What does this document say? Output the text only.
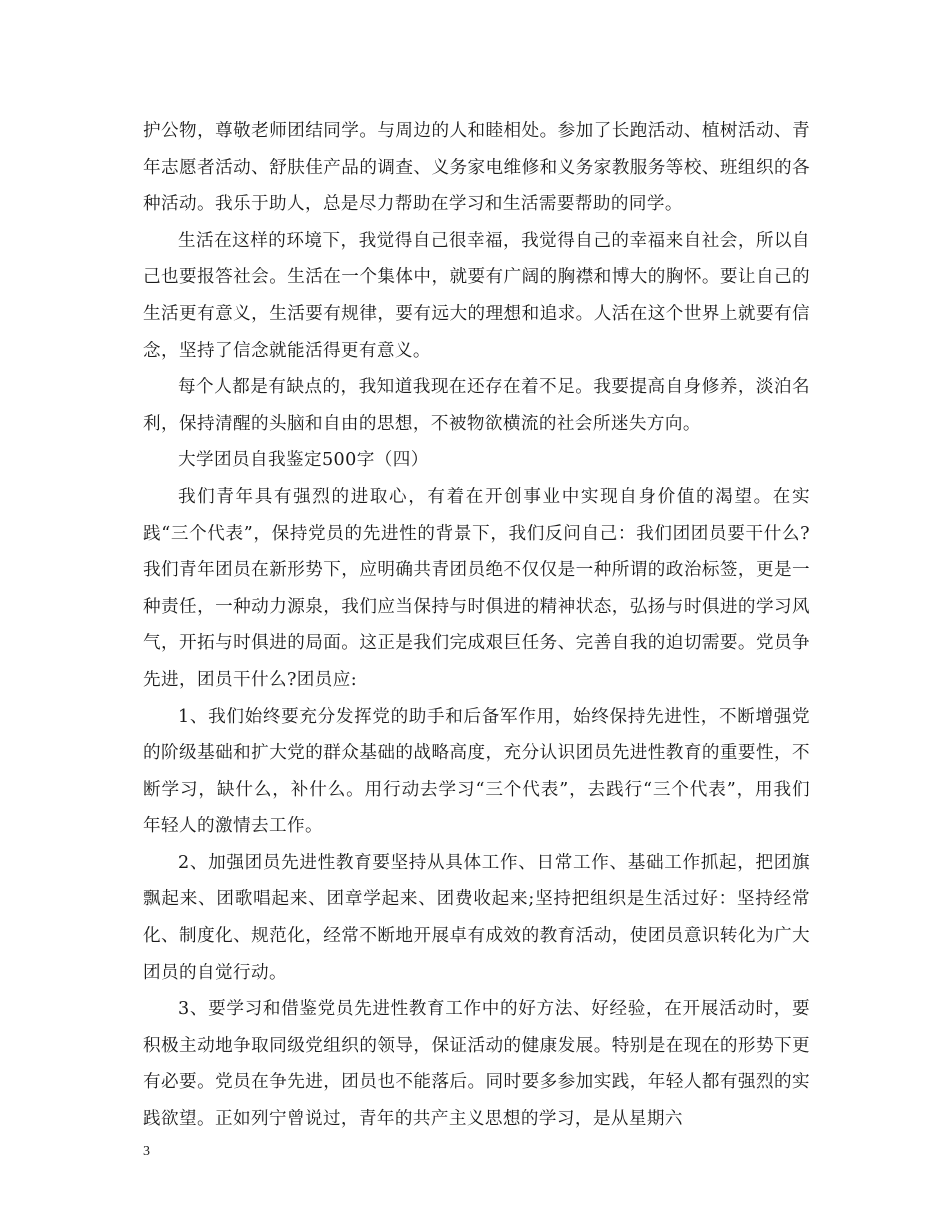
护公物，尊敬老师团结同学。与周边的人和睦相处。参加了长跑活动、植树活动、青年志愿者活动、舒肤佳产品的调查、义务家电维修和义务家教服务等校、班组织的各种活动。我乐于助人，总是尽力帮助在学习和生活需要帮助的同学。

生活在这样的环境下，我觉得自己很幸福，我觉得自己的幸福来自社会，所以自己也要报答社会。生活在一个集体中，就要有广阔的胸襟和博大的胸怀。要让自己的生活更有意义，生活要有规律，要有远大的理想和追求。人活在这个世界上就要有信念，坚持了信念就能活得更有意义。

每个人都是有缺点的，我知道我现在还存在着不足。我要提高自身修养，淡泊名利，保持清醒的头脑和自由的思想，不被物欲横流的社会所迷失方向。

大学团员自我鉴定500字（四）

我们青年具有强烈的进取心，有着在开创事业中实现自身价值的渴望。在实践“三个代表”，保持党员的先进性的背景下，我们反问自己：我们团团员要干什么?我们青年团员在新形势下，应明确共青团员绝不仅仅是一种所谓的政治标签，更是一种责任，一种动力源泉，我们应当保持与时俱进的精神状态，弘扬与时俱进的学习风气，开拓与时俱进的局面。这正是我们完成艰巨任务、完善自我的迫切需要。党员争先进，团员干什么?团员应:

1、我们始终要充分发挥党的助手和后备军作用，始终保持先进性，不断增强党的阶级基础和扩大党的群众基础的战略高度，充分认识团员先进性教育的重要性，不断学习，缺什么，补什么。用行动去学习“三个代表”，去践行“三个代表”，用我们年轻人的激情去工作。

2、加强团员先进性教育要坚持从具体工作、日常工作、基础工作抓起，把团旗飘起来、团歌唱起来、团章学起来、团费收起来;坚持把组织是生活过好：坚持经常化、制度化、规范化，经常不断地开展卓有成效的教育活动，使团员意识转化为广大团员的自觉行动。

3、要学习和借鉴党员先进性教育工作中的好方法、好经验，在开展活动时，要积极主动地争取同级党组织的领导，保证活动的健康发展。特别是在现在的形势下更有必要。党员在争先进，团员也不能落后。同时要多参加实践，年轻人都有强烈的实践欲望。正如列宁曾说过，青年的共产主义思想的学习，是从星期六

3
